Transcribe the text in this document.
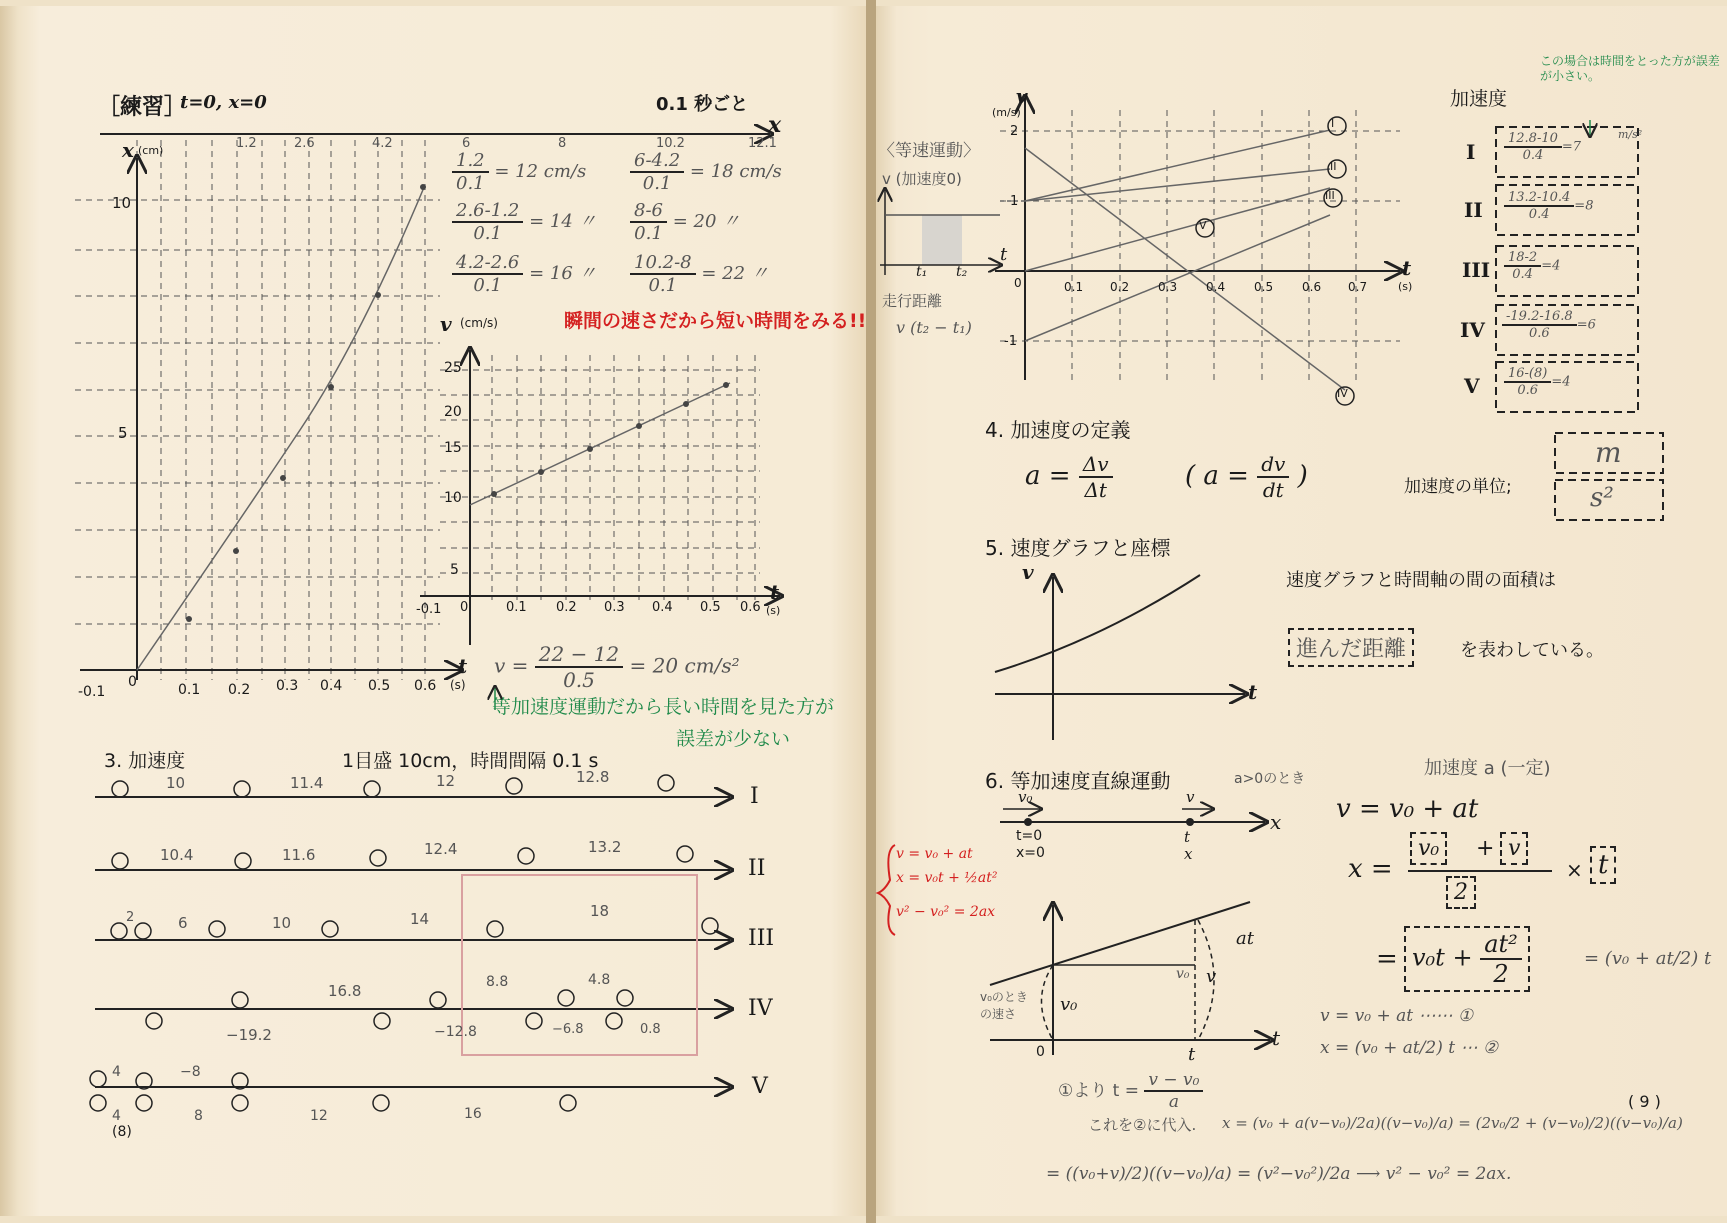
［練習］
t=0, x=0	0.1 秒ごと
x
1.2	2.6	4.2	6	8	10.2	12.1
x (cm)
5
10
-0.1
0	0.1 0.2 0.3 0.4 0.5 0.6
t
(s)
$\frac{1.2}{0.1} = 12$ $cm/s \frac{6-4.2}{0.1} = 18$ cm/s
$\frac{2.6-1.2}{0.1} = 14$ 〃 $\frac{8-6}{0.1} = 20$ 〃
$\frac{4.2-2.6}{0.1} = 16$ 〃 $\frac{10.2-8}{0.1} = 22$ 〃
瞬間の速さだから短い時間をみる!!
v (cm/s)
5
10
15
20
25
-0.1 0	0.1 0.2 0.3 0.4 0.5 0.6
t
(s)
$v = \frac{22 - 12}{0.5} = 20$ cm/s²
等加速度運動だから長い時間を見た方が
誤差が少ない
3. 加速度	1目盛 10cm，時間間隔 0.1 s
I
10	11.4	12	12.8
II
10.4	11.6	12.4	13.2
III
2	6	10	14	18
IV
−19.2
16.8
−12.8
8.8	4.8
−6.8	0.8
V
4	−8
4	8	12	16
(8)
v
(m/s)
2
1
-1
0	0.1 0.2 0.3 0.4 0.5 0.6 0.7
t
(s)
I
II
III
IV
V
〈等速運動〉
v (加速度0)
t
t₁ t₂
走行距離
v (t₂ − t₁)
この場合は時間をとった方が誤差が小さい。
加速度
I $\frac{12.8-10}{0.4} =7$
m/s²
II $\frac{13.2-10.4}{0.4} =8$
III $\frac{18-2}{0.4} =4$
IV $\frac{-19.2-16.8}{0.6} =6$
V $\frac{16-(8)}{0.6} =4$
4. 加速度の定義
$a = \frac{\Delta v}{\Delta t}$	( $a = \frac{dv}{dt}$ )	加速度の単位;
m
s²
5. 速度グラフと座標
v
t
速度グラフと時間軸の間の面積は
進んだ距離	を表わしている。
6. 等加速度直線運動	a>0のとき
v₀	v
x
t=0
x=0
t
x
v = v₀ + at
x = v₀t + ½at²
v² − v₀² = 2ax
加速度 a (一定)
v = v₀ + at
x =
v₀	+ v
2
× t
= $v_0t + \frac{\text{at²}}{2}$	= (v₀ + at/2) t
at
v
v₀
v₀
v₀のときの速さ
0	t
t
v = v₀ + at ⋯⋯ ①
x = (v₀ + at/2) t ⋯ ②
①より $t = \frac{\text{v − v₀}}{a}$	( 9 )
これを②に代入. x = (v₀ + a(v−v₀)/2a)((v−v₀)/a) = (2v₀/2 + (v−v₀)/2)((v−v₀)/a)
= ((v₀+v)/2)((v−v₀)/a) = (v²−v₀²)/2a ⟶ v² − v₀² = 2ax.
